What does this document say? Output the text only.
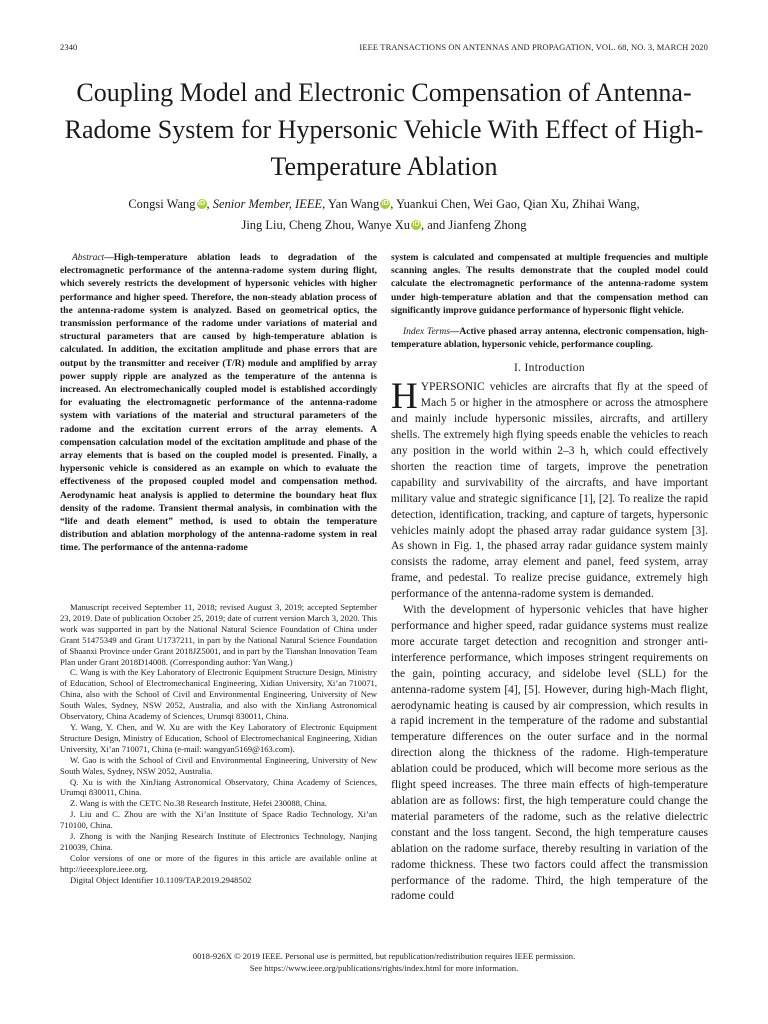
2340	IEEE TRANSACTIONS ON ANTENNAS AND PROPAGATION, VOL. 68, NO. 3, MARCH 2020
Coupling Model and Electronic Compensation of Antenna-Radome System for Hypersonic Vehicle With Effect of High-Temperature Ablation
Congsi Wang iD , Senior Member, IEEE, Yan Wang iD , Yuankui Chen, Wei Gao, Qian Xu, Zhihai Wang,
Jing Liu, Cheng Zhou, Wanye Xu iD , and Jianfeng Zhong

Abstract—High-temperature ablation leads to degradation of the electromagnetic performance of the antenna-radome system during flight, which severely restricts the development of hypersonic vehicles with higher performance and higher speed. Therefore, the non-steady ablation process of the antenna-radome system is analyzed. Based on geometrical optics, the transmission performance of the radome under variations of material and structural parameters that are caused by high-temperature ablation is calculated. In addition, the excitation amplitude and phase errors that are output by the transmitter and receiver (T/R) module and amplified by array power supply ripple are analyzed as the temperature of the antenna is increased. An electromechanically coupled model is established accordingly for evaluating the electromagnetic performance of the antenna-radome system with variations of the material and structural parameters of the radome and the excitation current errors of the array elements. A compensation calculation model of the excitation amplitude and phase of the array elements that is based on the coupled model is presented. Finally, a hypersonic vehicle is considered as an example on which to evaluate the effectiveness of the proposed coupled model and compensation method. Aerodynamic heat analysis is applied to determine the boundary heat flux density of the radome. Transient thermal analysis, in combination with the “life and death element” method, is used to obtain the temperature distribution and ablation morphology of the antenna-radome system in real time. The performance of the antenna-radome

Manuscript received September 11, 2018; revised August 3, 2019; accepted September 23, 2019. Date of publication October 25, 2019; date of current version March 3, 2020. This work was supported in part by the National Natural Science Foundation of China under Grant 51475349 and Grant U1737211, in part by the National Natural Science Foundation of Shaanxi Province under Grant 2018JZ5001, and in part by the Tianshan Innovation Team Plan under Grant 2018D14008. (Corresponding author: Yan Wang.)

C. Wang is with the Key Laboratory of Electronic Equipment Structure Design, Ministry of Education, School of Electromechanical Engineering, Xidian University, Xi’an 710071, China, also with the School of Civil and Environmental Engineering, University of New South Wales, Sydney, NSW 2052, Australia, and also with the XinJiang Astronomical Observatory, China Academy of Sciences, Urumqi 830011, China.

Y. Wang, Y. Chen, and W. Xu are with the Key Laboratory of Electronic Equipment Structure Design, Ministry of Education, School of Electromechanical Engineering, Xidian University, Xi’an 710071, China (e-mail: wangyan5169@163.com).

W. Gao is with the School of Civil and Environmental Engineering, University of New South Wales, Sydney, NSW 2052, Australia.

Q. Xu is with the XinJiang Astronomical Observatory, China Academy of Sciences, Urumqi 830011, China.

Z. Wang is with the CETC No.38 Research Institute, Hefei 230088, China.

J. Liu and C. Zhou are with the Xi’an Institute of Space Radio Technology, Xi’an 710100, China.

J. Zhong is with the Nanjing Research Institute of Electronics Technology, Nanjing 210039, China.

Color versions of one or more of the figures in this article are available online at http://ieeexplore.ieee.org.

Digital Object Identifier 10.1109/TAP.2019.2948502

system is calculated and compensated at multiple frequencies and multiple scanning angles. The results demonstrate that the coupled model could calculate the electromagnetic performance of the antenna-radome system under high-temperature ablation and that the compensation method can significantly improve guidance performance of hypersonic flight vehicle.

Index Terms—Active phased array antenna, electronic compensation, high-temperature ablation, hypersonic vehicle, performance coupling.

I. Introduction

HYPERSONIC vehicles are aircrafts that fly at the speed of Mach 5 or higher in the atmosphere or across the atmosphere and mainly include hypersonic missiles, aircrafts, and artillery shells. The extremely high flying speeds enable the vehicles to reach any position in the world within 2–3 h, which could effectively shorten the reaction time of targets, improve the penetration capability and survivability of the aircrafts, and have important military value and strategic significance [1], [2]. To realize the rapid detection, identification, tracking, and capture of targets, hypersonic vehicles mainly adopt the phased array radar guidance system [3]. As shown in Fig. 1, the phased array radar guidance system mainly consists the radome, array element and panel, feed system, array frame, and pedestal. To realize precise guidance, extremely high performance of the antenna-radome system is demanded.

With the development of hypersonic vehicles that have higher performance and higher speed, radar guidance systems must realize more accurate target detection and recognition and stronger anti-interference performance, which imposes stringent requirements on the gain, pointing accuracy, and sidelobe level (SLL) for the antenna-radome system [4], [5]. However, during high-Mach flight, aerodynamic heating is caused by air compression, which results in a rapid increment in the temperature of the radome and substantial temperature differences on the outer surface and in the normal direction along the thickness of the radome. High-temperature ablation could be produced, which will become more serious as the flight speed increases. The three main effects of high-temperature ablation are as follows: first, the high temperature could change the material parameters of the radome, such as the relative dielectric constant and the loss tangent. Second, the high temperature causes ablation on the radome surface, thereby resulting in variation of the radome thickness. These two factors could affect the transmission performance of the radome. Third, the high temperature of the radome could

0018-926X © 2019 IEEE. Personal use is permitted, but republication/redistribution requires IEEE permission.
See https://www.ieee.org/publications/rights/index.html for more information.
